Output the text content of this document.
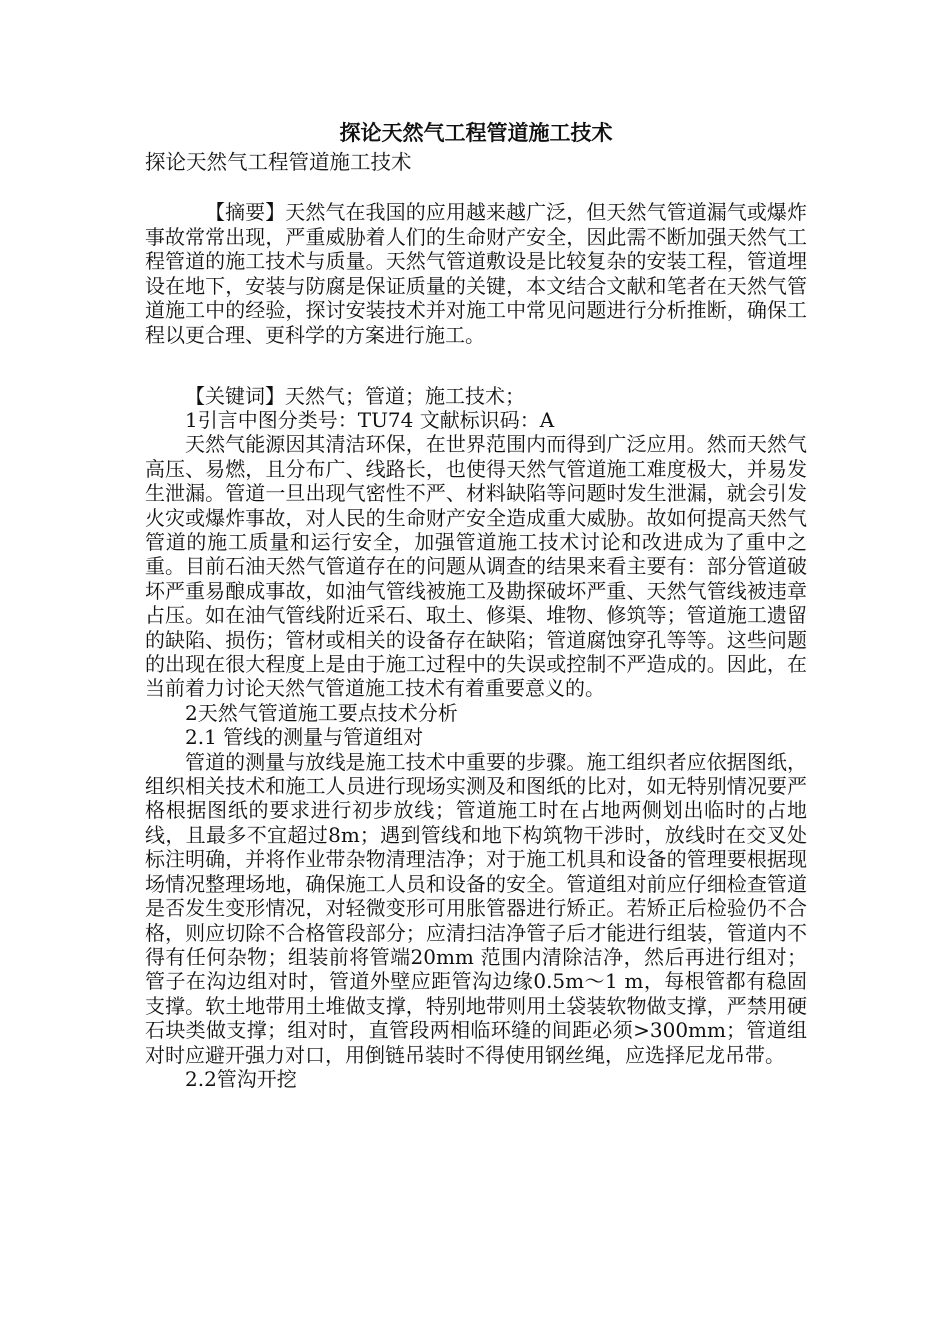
探论天然气工程管道施工技术
探论天然气工程管道施工技术

【摘要】天然气在我国的应用越来越广泛，但天然气管道漏气或爆炸事故常常出现，严重威胁着人们的生命财产安全，因此需不断加强天然气工程管道的施工技术与质量。天然气管道敷设是比较复杂的安装工程，管道埋设在地下，安装与防腐是保证质量的关键，本文结合文献和笔者在天然气管道施工中的经验，探讨安装技术并对施工中常见问题进行分析推断，确保工程以更合理、更科学的方案进行施工。

【关键词】天然气；管道；施工技术；

1引言中图分类号：TU74 文献标识码：A

天然气能源因其清洁环保，在世界范围内而得到广泛应用。然而天然气高压、易燃，且分布广、线路长，也使得天然气管道施工难度极大，并易发生泄漏。管道一旦出现气密性不严、材料缺陷等问题时发生泄漏，就会引发火灾或爆炸事故，对人民的生命财产安全造成重大威胁。故如何提高天然气管道的施工质量和运行安全，加强管道施工技术讨论和改进成为了重中之重。目前石油天然气管道存在的问题从调查的结果来看主要有：部分管道破坏严重易酿成事故，如油气管线被施工及勘探破坏严重、天然气管线被违章占压。如在油气管线附近采石、取土、修渠、堆物、修筑等；管道施工遗留的缺陷、损伤；管材或相关的设备存在缺陷；管道腐蚀穿孔等等。这些问题的出现在很大程度上是由于施工过程中的失误或控制不严造成的。因此，在当前着力讨论天然气管道施工技术有着重要意义的。

2天然气管道施工要点技术分析

2.1 管线的测量与管道组对

管道的测量与放线是施工技术中重要的步骤。施工组织者应依据图纸，组织相关技术和施工人员进行现场实测及和图纸的比对，如无特别情况要严格根据图纸的要求进行初步放线；管道施工时在占地两侧划出临时的占地线，且最多不宜超过8m；遇到管线和地下构筑物干涉时，放线时在交叉处标注明确，并将作业带杂物清理洁净；对于施工机具和设备的管理要根据现场情况整理场地，确保施工人员和设备的安全。管道组对前应仔细检查管道是否发生变形情况，对轻微变形可用胀管器进行矫正。若矫正后检验仍不合格，则应切除不合格管段部分；应清扫洁净管子后才能进行组装，管道内不得有任何杂物；组装前将管端20mm 范围内清除洁净，然后再进行组对；管子在沟边组对时，管道外壁应距管沟边缘0.5m～1 m，每根管都有稳固支撑。软土地带用土堆做支撑，特别地带则用土袋装软物做支撑，严禁用硬石块类做支撑；组对时，直管段两相临环缝的间距必须>300mm；管道组对时应避开强力对口，用倒链吊装时不得使用钢丝绳，应选择尼龙吊带。

2.2管沟开挖
